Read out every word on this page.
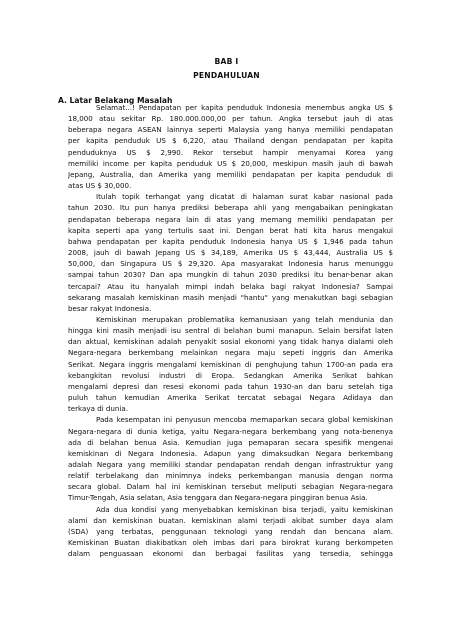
BAB I
PENDAHULUAN
A. Latar Belakang Masalah
Selamat...! Pendapatan per kapita penduduk Indonesia menembus angka US $
18,000 atau sekitar Rp. 180.000.000,00 per tahun. Angka tersebut jauh di atas
beberapa negara ASEAN lainnya seperti Malaysia yang hanya memiliki pendapatan
per kapita penduduk US $ 6,220, atau Thailand dengan pendapatan per kapita
penduduknya US $ 2,990. Rekor tersebut hampir menyamai Korea yang
memiliki income per kapita penduduk US $ 20,000, meskipun masih jauh di bawah
Jepang, Australia, dan Amerika yang memiliki pendapatan per kapita penduduk di
atas US $ 30,000.
Itulah topik terhangat yang dicatat di halaman surat kabar nasional pada
tahun 2030. Itu pun hanya prediksi beberapa ahli yang mengabaikan peningkatan
pendapatan beberapa negara lain di atas yang memang memiliki pendapatan per
kapita seperti apa yang tertulis saat ini. Dengan berat hati kita harus mengakui
bahwa pendapatan per kapita penduduk Indonesia hanya US $ 1,946 pada tahun
2008, jauh di bawah Jepang US $ 34,189, Amerika US $ 43,444, Australia US $
50,000, dan Singapura US $ 29,320. Apa masyarakat Indonesia harus menunggu
sampai tahun 2030? Dan apa mungkin di tahun 2030 prediksi itu benar-benar akan
tercapai? Atau itu hanyalah mimpi indah belaka bagi rakyat Indonesia? Sampai
sekarang masalah kemiskinan masih menjadi "hantu" yang menakutkan bagi sebagian
besar rakyat Indonesia.
Kemiskinan merupakan problematika kemanusiaan yang telah mendunia dan
hingga kini masih menjadi isu sentral di belahan bumi manapun. Selain bersifat laten
dan aktual, kemiskinan adalah penyakit sosial ekonomi yang tidak hanya dialami oleh
Negara-negara berkembang melainkan negara maju sepeti inggris dan Amerika
Serikat. Negara inggris mengalami kemiskinan di penghujung tahun 1700-an pada era
kebangkitan revolusi industri di Eropa. Sedangkan Amerika Serikat bahkan
mengalami depresi dan resesi ekonomi pada tahun 1930-an dan baru setelah tiga
puluh tahun kemudian Amerika Serikat tercatat sebagai Negara Adidaya dan
terkaya di dunia.
Pada kesempatan ini penyusun mencoba memaparkan secara global kemiskinan
Negara-negara di dunia ketiga, yaitu Negara-negara berkembang yang nota-benenya
ada di belahan benua Asia. Kemudian juga pemaparan secara spesifik mengenai
kemiskinan di Negara Indonesia. Adapun yang dimaksudkan Negara berkembang
adalah Negara yang memiliki standar pendapatan rendah dengan infrastruktur yang
relatif terbelakang dan minimnya indeks perkembangan manusia dengan norma
secara global. Dalam hal ini kemiskinan tersebut meliputi sebagian Negara-negara
Timur-Tengah, Asia selatan, Asia tenggara dan Negara-negara pinggiran benua Asia.
Ada dua kondisi yang menyebabkan kemiskinan bisa terjadi, yaitu kemiskinan
alami dan kemiskinan buatan. kemiskinan alami terjadi akibat sumber daya alam
(SDA) yang terbatas, penggunaan teknologi yang rendah dan bencana alam.
Kemiskinan Buatan diakibatkan oleh imbas dari para birokrat kurang berkompeten
dalam penguasaan ekonomi dan berbagai fasilitas yang tersedia, sehingga
